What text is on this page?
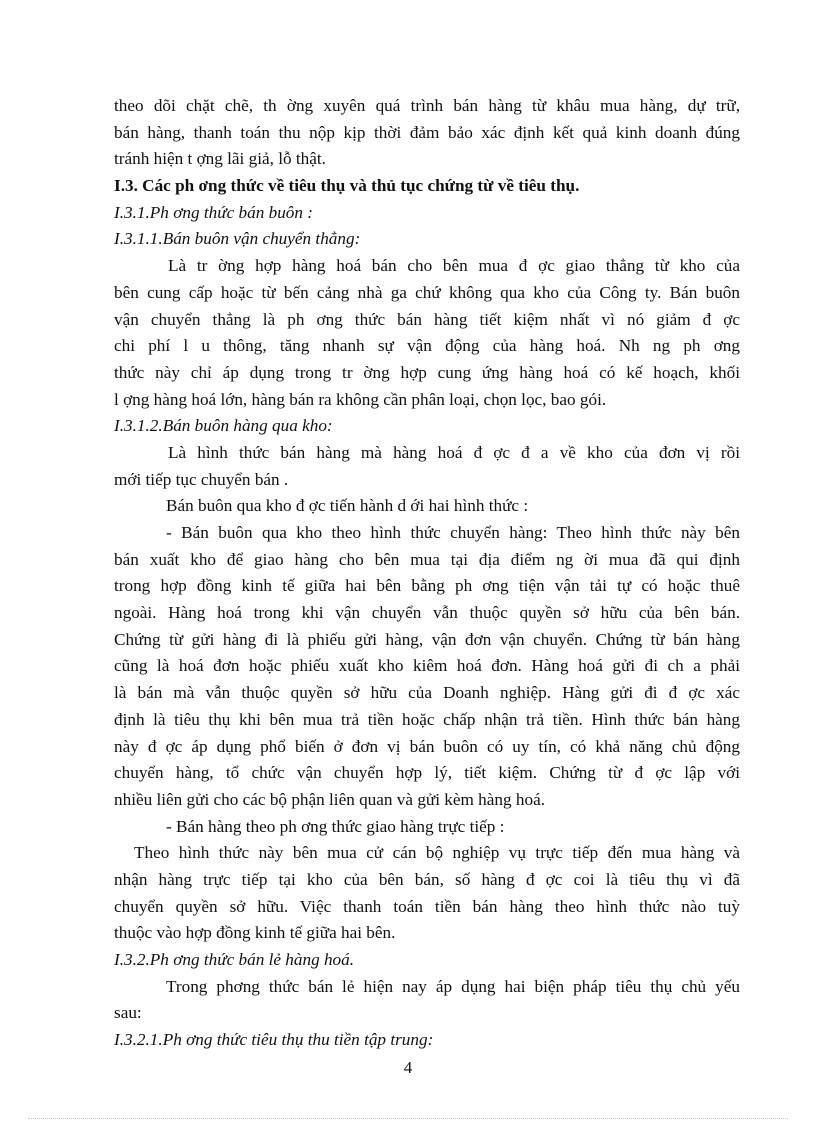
theo dõi chặt chẽ, th ờng xuyên quá trình bán hàng từ khâu mua hàng, dự trữ,
bán hàng, thanh toán thu nộp kịp thời đảm bảo xác định kết quả kinh doanh đúng
tránh hiện t ợng lãi giả, lỗ thật.
I.3. Các ph ơng thức về tiêu thụ và thủ tục chứng từ về tiêu thụ.
I.3.1.Ph ơng thức bán buôn :
I.3.1.1.Bán buôn vận chuyển thẳng:
Là tr ờng hợp hàng hoá bán cho bên mua đ ợc giao thẳng từ kho của
bên cung cấp hoặc từ bến cảng nhà ga chứ không qua kho của Công ty. Bán buôn
vận chuyển thẳng là ph ơng thức bán hàng tiết kiệm nhất vì nó giảm đ ợc
chi phí l u thông, tăng nhanh sự vận động của hàng hoá. Nh ng ph ơng
thức này chỉ áp dụng trong tr ờng hợp cung ứng hàng hoá có kế hoạch, khối
l ợng hàng hoá lớn, hàng bán ra không cần phân loại, chọn lọc, bao gói.
I.3.1.2.Bán buôn hàng qua kho:
Là hình thức bán hàng mà hàng hoá đ ợc đ a về kho của đơn vị rồi
mới tiếp tục chuyển bán .
Bán buôn qua kho đ ợc tiến hành d ới hai hình thức :
- Bán buôn qua kho theo hình thức chuyển hàng: Theo hình thức này bên
bán xuất kho để giao hàng cho bên mua tại địa điểm ng ời mua đã qui định
trong hợp đồng kinh tế giữa hai bên bằng ph ơng tiện vận tải tự có hoặc thuê
ngoài. Hàng hoá trong khi vận chuyển vẫn thuộc quyền sở hữu của bên bán.
Chứng từ gửi hàng đi là phiếu gửi hàng, vận đơn vận chuyển. Chứng từ bán hàng
cũng là hoá đơn hoặc phiếu xuất kho kiêm hoá đơn. Hàng hoá gửi đi ch a phải
là bán mà vẫn thuộc quyền sở hữu của Doanh nghiệp. Hàng gửi đi đ ợc xác
định là tiêu thụ khi bên mua trả tiền hoặc chấp nhận trả tiền. Hình thức bán hàng
này đ ợc áp dụng phổ biến ở đơn vị bán buôn có uy tín, có khả năng chủ động
chuyển hàng, tổ chức vận chuyển hợp lý, tiết kiệm. Chứng từ đ ợc lập với
nhiều liên gửi cho các bộ phận liên quan và gửi kèm hàng hoá.
- Bán hàng theo ph ơng thức giao hàng trực tiếp :
Theo hình thức này bên mua cử cán bộ nghiệp vụ trực tiếp đến mua hàng và
nhận hàng trực tiếp tại kho của bên bán, số hàng đ ợc coi là tiêu thụ vì đã
chuyển quyền sở hữu. Việc thanh toán tiền bán hàng theo hình thức nào tuỳ
thuộc vào hợp đồng kinh tế giữa hai bên.
I.3.2.Ph ơng thức bán lẻ hàng hoá.
Trong phơng thức bán lẻ hiện nay áp dụng hai biện pháp tiêu thụ chủ yếu
sau:
I.3.2.1.Ph ơng thức tiêu thụ thu tiền tập trung:
4
